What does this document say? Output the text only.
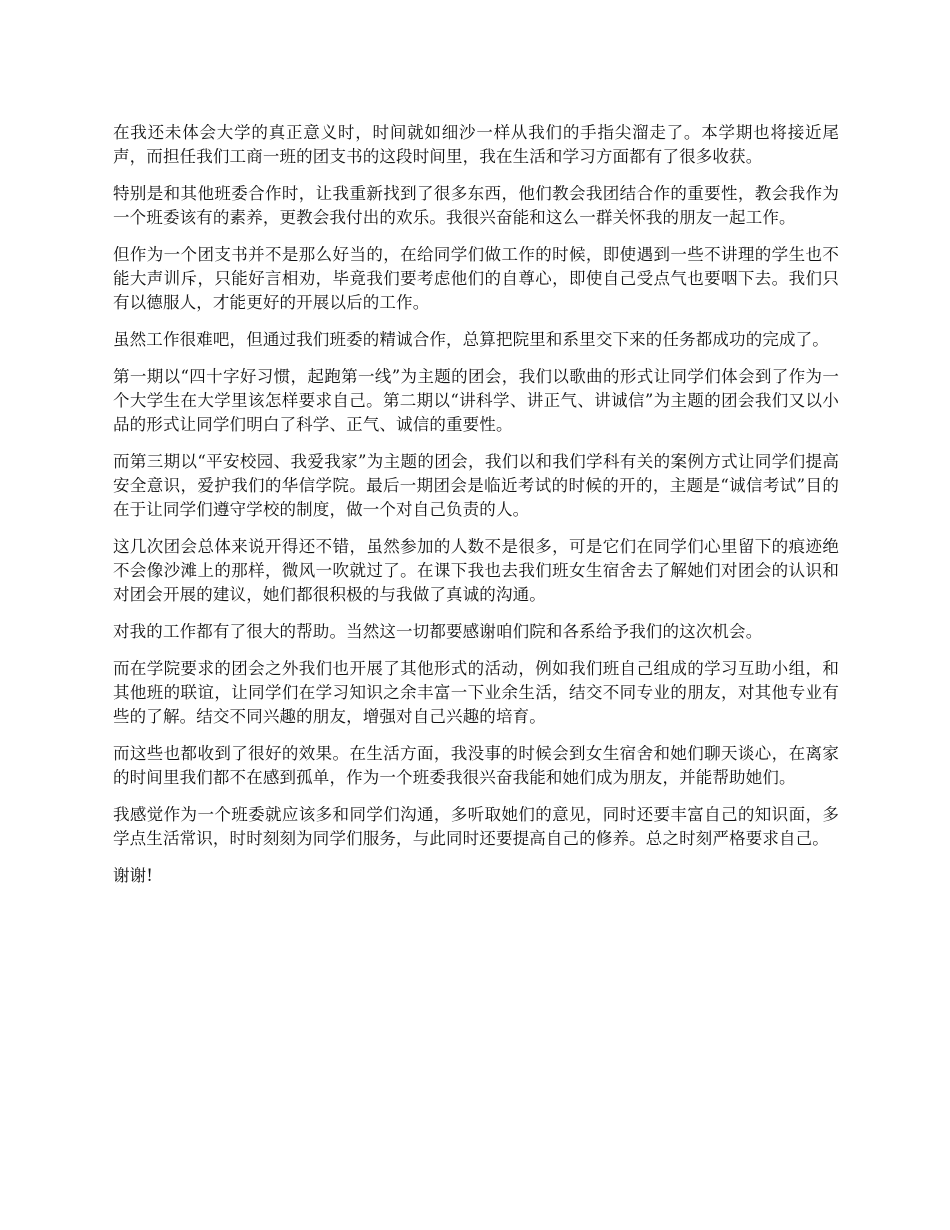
在我还未体会大学的真正意义时，时间就如细沙一样从我们的手指尖溜走了。本学期也将接近尾声，而担任我们工商一班的团支书的这段时间里，我在生活和学习方面都有了很多收获。

特别是和其他班委合作时，让我重新找到了很多东西，他们教会我团结合作的重要性，教会我作为一个班委该有的素养，更教会我付出的欢乐。我很兴奋能和这么一群关怀我的朋友一起工作。

但作为一个团支书并不是那么好当的，在给同学们做工作的时候，即使遇到一些不讲理的学生也不能大声训斥，只能好言相劝，毕竟我们要考虑他们的自尊心，即使自己受点气也要咽下去。我们只有以德服人，才能更好的开展以后的工作。

虽然工作很难吧，但通过我们班委的精诚合作，总算把院里和系里交下来的任务都成功的完成了。

第一期以“四十字好习惯，起跑第一线”为主题的团会，我们以歌曲的形式让同学们体会到了作为一个大学生在大学里该怎样要求自己。第二期以“讲科学、讲正气、讲诚信”为主题的团会我们又以小品的形式让同学们明白了科学、正气、诚信的重要性。

而第三期以“平安校园、我爱我家”为主题的团会，我们以和我们学科有关的案例方式让同学们提高安全意识，爱护我们的华信学院。最后一期团会是临近考试的时候的开的，主题是“诚信考试”目的在于让同学们遵守学校的制度，做一个对自己负责的人。

这几次团会总体来说开得还不错，虽然参加的人数不是很多，可是它们在同学们心里留下的痕迹绝不会像沙滩上的那样，微风一吹就过了。在课下我也去我们班女生宿舍去了解她们对团会的认识和对团会开展的建议，她们都很积极的与我做了真诚的沟通。

对我的工作都有了很大的帮助。当然这一切都要感谢咱们院和各系给予我们的这次机会。

而在学院要求的团会之外我们也开展了其他形式的活动，例如我们班自己组成的学习互助小组，和其他班的联谊，让同学们在学习知识之余丰富一下业余生活，结交不同专业的朋友，对其他专业有些的了解。结交不同兴趣的朋友，增强对自己兴趣的培育。

而这些也都收到了很好的效果。在生活方面，我没事的时候会到女生宿舍和她们聊天谈心，在离家的时间里我们都不在感到孤单，作为一个班委我很兴奋我能和她们成为朋友，并能帮助她们。

我感觉作为一个班委就应该多和同学们沟通，多听取她们的意见，同时还要丰富自己的知识面，多学点生活常识，时时刻刻为同学们服务，与此同时还要提高自己的修养。总之时刻严格要求自己。

谢谢!
